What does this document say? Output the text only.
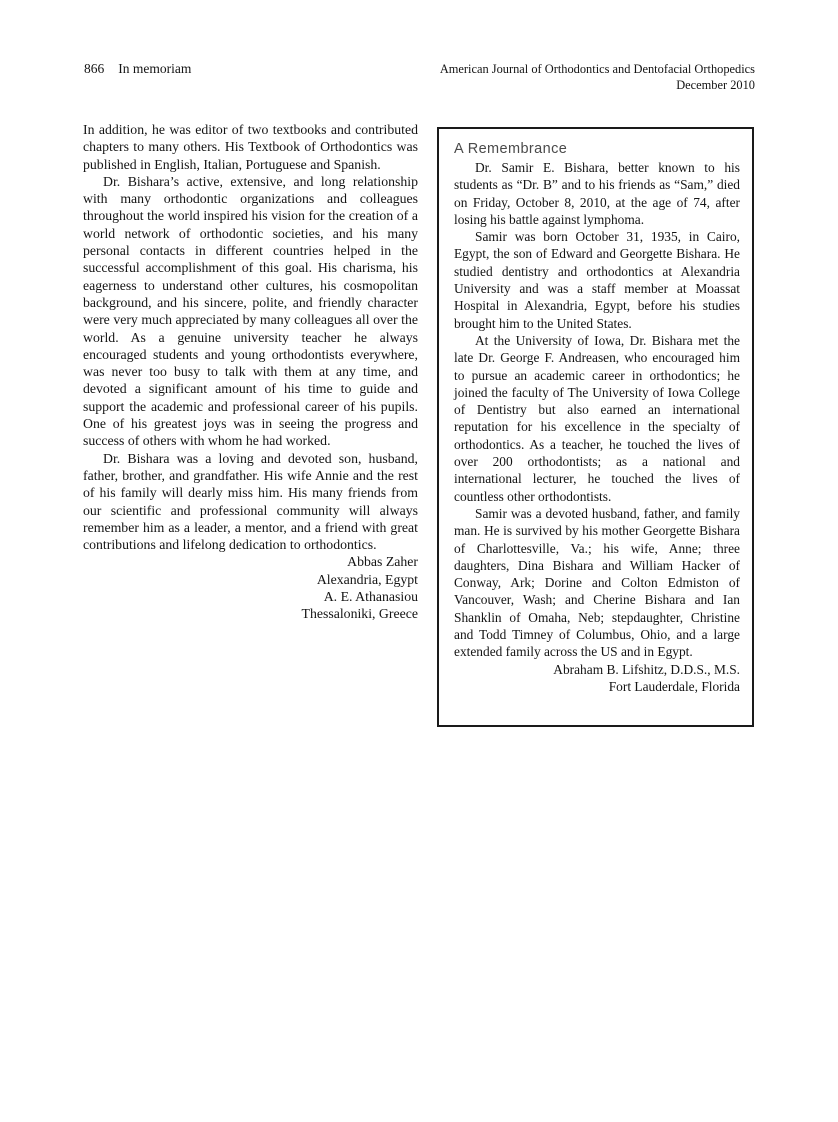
866 In memoriam	American Journal of Orthodontics and Dentofacial Orthopedics
December 2010

In addition, he was editor of two textbooks and contributed chapters to many others. His Textbook of Orthodontics was published in English, Italian, Portuguese and Spanish.

Dr. Bishara’s active, extensive, and long relationship with many orthodontic organizations and colleagues throughout the world inspired his vision for the creation of a world network of orthodontic societies, and his many personal contacts in different countries helped in the successful accomplishment of this goal. His charisma, his eagerness to understand other cultures, his cosmopolitan background, and his sincere, polite, and friendly character were very much appreciated by many colleagues all over the world. As a genuine university teacher he always encouraged students and young orthodontists everywhere, was never too busy to talk with them at any time, and devoted a significant amount of his time to guide and support the academic and professional career of his pupils. One of his greatest joys was in seeing the progress and success of others with whom he had worked.

Dr. Bishara was a loving and devoted son, husband, father, brother, and grandfather. His wife Annie and the rest of his family will dearly miss him. His many friends from our scientific and professional community will always remember him as a leader, a mentor, and a friend with great contributions and lifelong dedication to orthodontics.

Abbas Zaher
Alexandria, Egypt
A. E. Athanasiou
Thessaloniki, Greece
A Remembrance

Dr. Samir E. Bishara, better known to his students as “Dr. B” and to his friends as “Sam,” died on Friday, October 8, 2010, at the age of 74, after losing his battle against lymphoma.

Samir was born October 31, 1935, in Cairo, Egypt, the son of Edward and Georgette Bishara. He studied dentistry and orthodontics at Alexandria University and was a staff member at Moassat Hospital in Alexandria, Egypt, before his studies brought him to the United States.

At the University of Iowa, Dr. Bishara met the late Dr. George F. Andreasen, who encouraged him to pursue an academic career in orthodontics; he joined the faculty of The University of Iowa College of Dentistry but also earned an international reputation for his excellence in the specialty of orthodontics. As a teacher, he touched the lives of over 200 orthodontists; as a national and international lecturer, he touched the lives of countless other orthodontists.

Samir was a devoted husband, father, and family man. He is survived by his mother Georgette Bishara of Charlottesville, Va.; his wife, Anne; three daughters, Dina Bishara and William Hacker of Conway, Ark; Dorine and Colton Edmiston of Vancouver, Wash; and Cherine Bishara and Ian Shanklin of Omaha, Neb; stepdaughter, Christine and Todd Timney of Columbus, Ohio, and a large extended family across the US and in Egypt.

Abraham B. Lifshitz, D.D.S., M.S.
Fort Lauderdale, Florida
